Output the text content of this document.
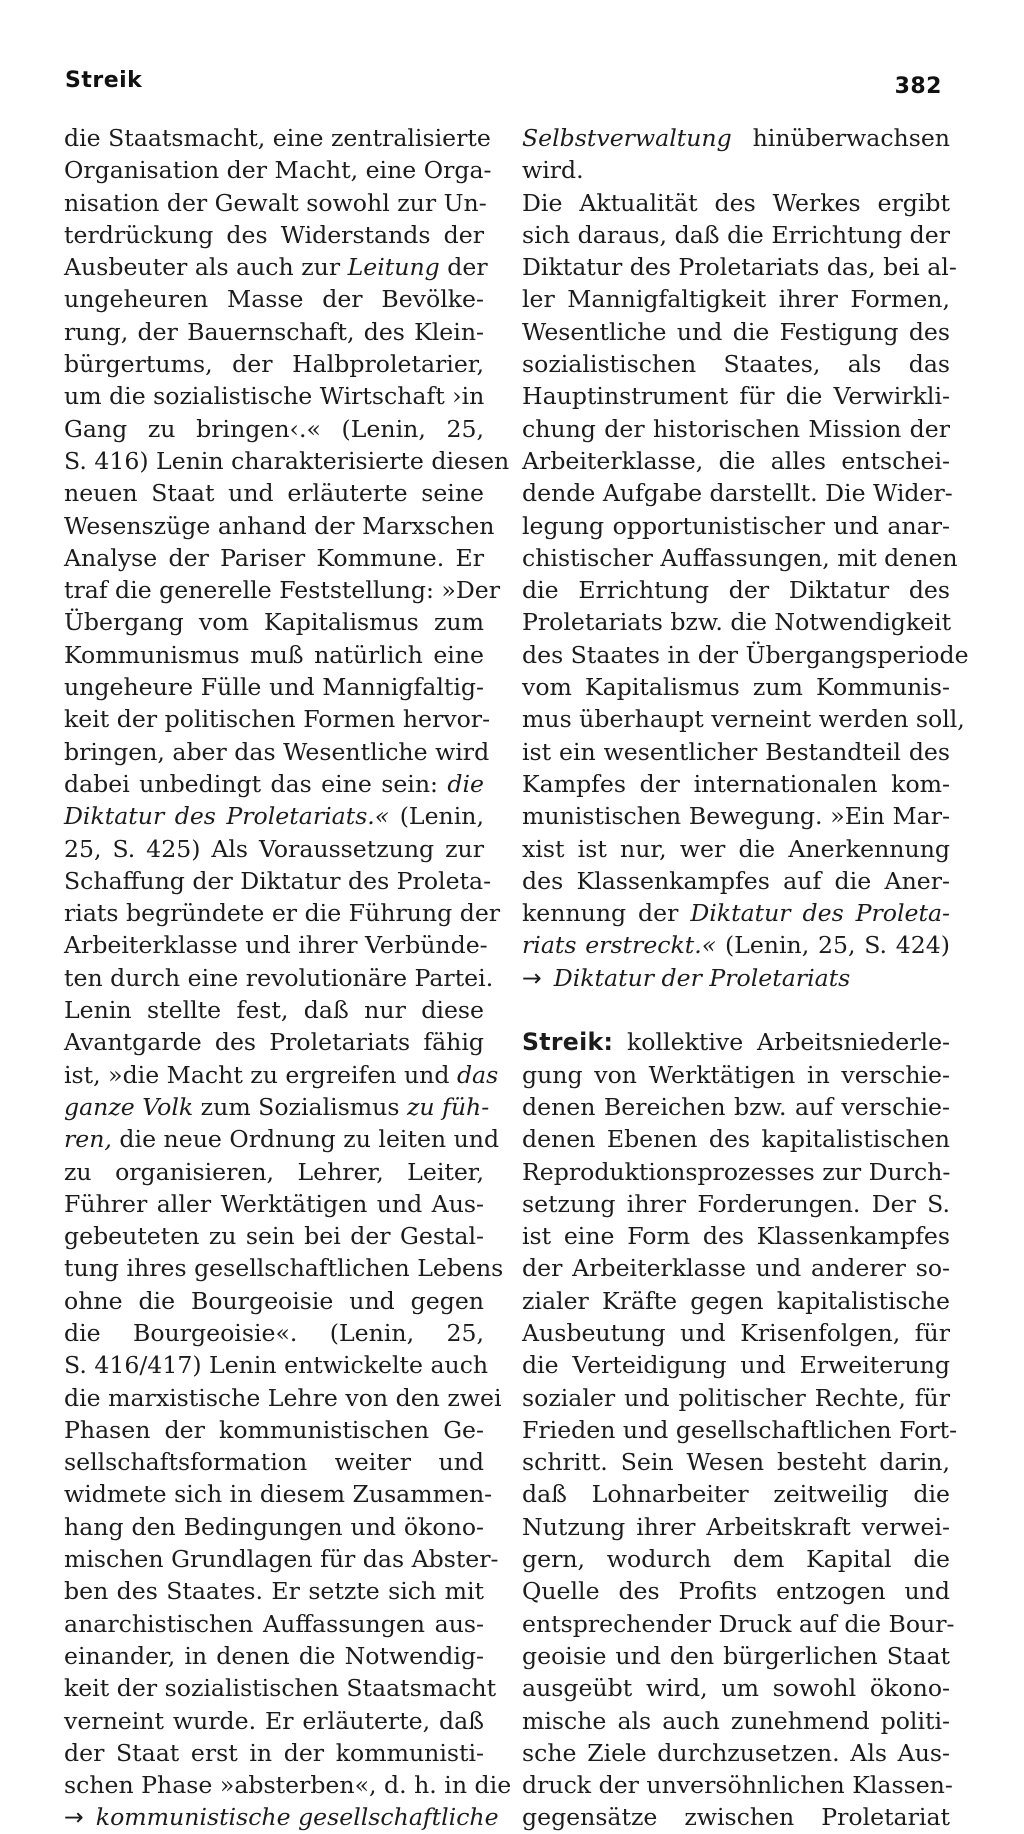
Streik	382
die Staatsmacht, eine zentralisierte
Organisation der Macht, eine Orga-
nisation der Gewalt sowohl zur Un-
terdrückung des Widerstands der
Ausbeuter als auch zur Leitung der
ungeheuren Masse der Bevölke-
rung, der Bauernschaft, des Klein-
bürgertums, der Halbproletarier,
um die sozialistische Wirtschaft ›in
Gang zu bringen‹.« (Lenin, 25,
S. 416) Lenin charakterisierte diesen
neuen Staat und erläuterte seine
Wesenszüge anhand der Marxschen
Analyse der Pariser Kommune. Er
traf die generelle Feststellung: »Der
Übergang vom Kapitalismus zum
Kommunismus muß natürlich eine
ungeheure Fülle und Mannigfaltig-
keit der politischen Formen hervor-
bringen, aber das Wesentliche wird
dabei unbedingt das eine sein: die
Diktatur des Proletariats.« (Lenin,
25, S. 425) Als Voraussetzung zur
Schaffung der Diktatur des Proleta-
riats begründete er die Führung der
Arbeiterklasse und ihrer Verbünde-
ten durch eine revolutionäre Partei.
Lenin stellte fest, daß nur diese
Avantgarde des Proletariats fähig
ist, »die Macht zu ergreifen und das
ganze Volk zum Sozialismus zu füh-
ren, die neue Ordnung zu leiten und
zu organisieren, Lehrer, Leiter,
Führer aller Werktätigen und Aus-
gebeuteten zu sein bei der Gestal-
tung ihres gesellschaftlichen Lebens
ohne die Bourgeoisie und gegen
die Bourgeoisie«. (Lenin, 25,
S. 416/417) Lenin entwickelte auch
die marxistische Lehre von den zwei
Phasen der kommunistischen Ge-
sellschaftsformation weiter und
widmete sich in diesem Zusammen-
hang den Bedingungen und ökono-
mischen Grundlagen für das Abster-
ben des Staates. Er setzte sich mit
anarchistischen Auffassungen aus-
einander, in denen die Notwendig-
keit der sozialistischen Staatsmacht
verneint wurde. Er erläuterte, daß
der Staat erst in der kommunisti-
schen Phase »absterben«, d. h. in die
→ kommunistische gesellschaftliche
Selbstverwaltung hinüberwachsen
wird.
Die Aktualität des Werkes ergibt
sich daraus, daß die Errichtung der
Diktatur des Proletariats das, bei al-
ler Mannigfaltigkeit ihrer Formen,
Wesentliche und die Festigung des
sozialistischen Staates, als das
Hauptinstrument für die Verwirkli-
chung der historischen Mission der
Arbeiterklasse, die alles entschei-
dende Aufgabe darstellt. Die Wider-
legung opportunistischer und anar-
chistischer Auffassungen, mit denen
die Errichtung der Diktatur des
Proletariats bzw. die Notwendigkeit
des Staates in der Übergangsperiode
vom Kapitalismus zum Kommunis-
mus überhaupt verneint werden soll,
ist ein wesentlicher Bestandteil des
Kampfes der internationalen kom-
munistischen Bewegung. »Ein Mar-
xist ist nur, wer die Anerkennung
des Klassenkampfes auf die Aner-
kennung der Diktatur des Proleta-
riats erstreckt.« (Lenin, 25, S. 424)
→ Diktatur der Proletariats
Streik: kollektive Arbeitsniederle-
gung von Werktätigen in verschie-
denen Bereichen bzw. auf verschie-
denen Ebenen des kapitalistischen
Reproduktionsprozesses zur Durch-
setzung ihrer Forderungen. Der S.
ist eine Form des Klassenkampfes
der Arbeiterklasse und anderer so-
zialer Kräfte gegen kapitalistische
Ausbeutung und Krisenfolgen, für
die Verteidigung und Erweiterung
sozialer und politischer Rechte, für
Frieden und gesellschaftlichen Fort-
schritt. Sein Wesen besteht darin,
daß Lohnarbeiter zeitweilig die
Nutzung ihrer Arbeitskraft verwei-
gern, wodurch dem Kapital die
Quelle des Profits entzogen und
entsprechender Druck auf die Bour-
geoisie und den bürgerlichen Staat
ausgeübt wird, um sowohl ökono-
mische als auch zunehmend politi-
sche Ziele durchzusetzen. Als Aus-
druck der unversöhnlichen Klassen-
gegensätze zwischen Proletariat
